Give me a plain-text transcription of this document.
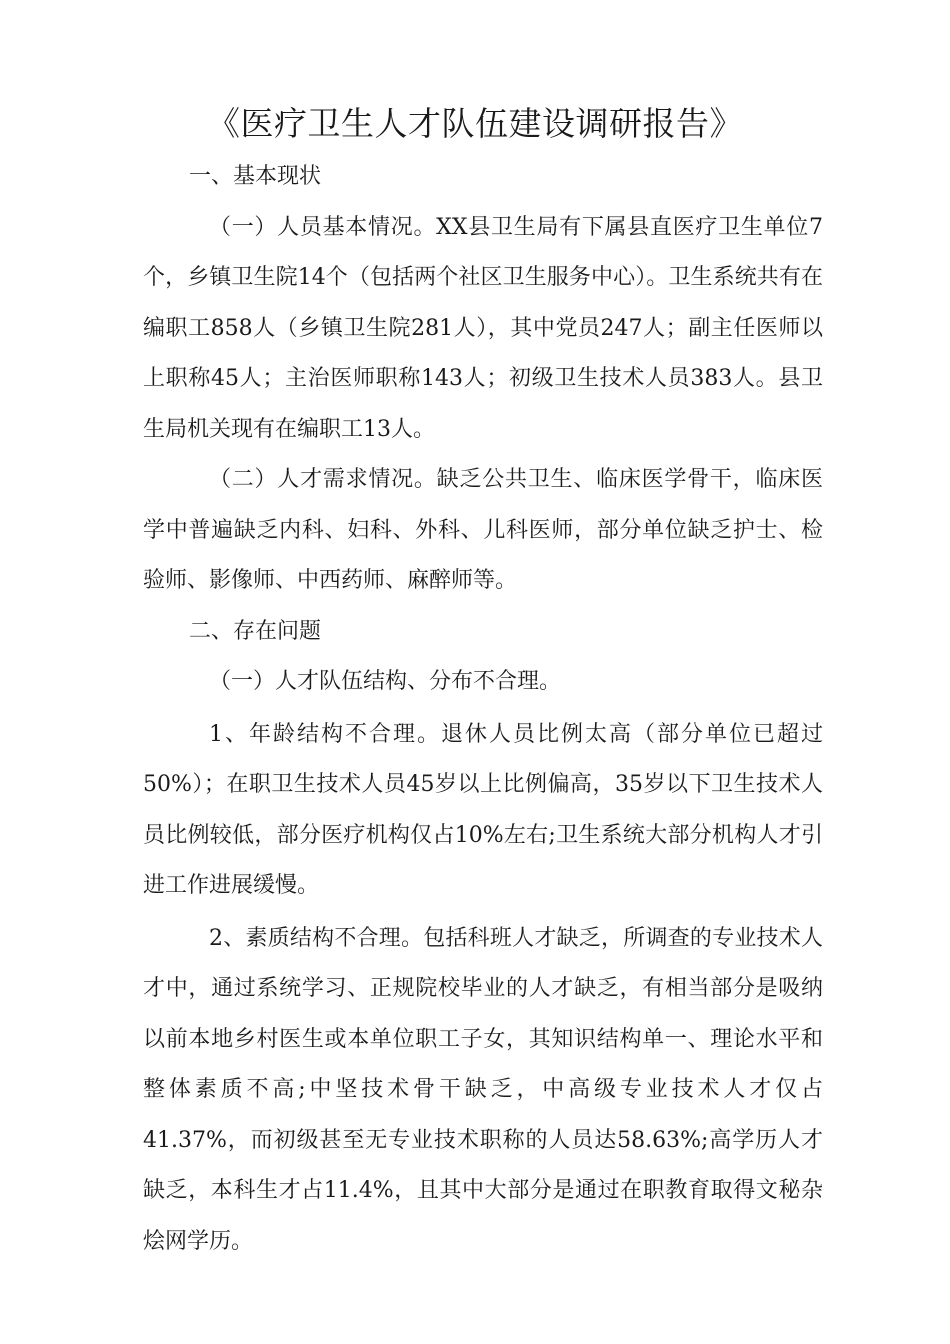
《医疗卫生人才队伍建设调研报告》

一、基本现状

（一）人员基本情况。XX县卫生局有下属县直医疗卫生单位7个，乡镇卫生院14个（包括两个社区卫生服务中心）。卫生系统共有在编职工858人（乡镇卫生院281人），其中党员247人；副主任医师以上职称45人；主治医师职称143人；初级卫生技术人员383人。县卫生局机关现有在编职工13人。

（二）人才需求情况。缺乏公共卫生、临床医学骨干，临床医学中普遍缺乏内科、妇科、外科、儿科医师，部分单位缺乏护士、检验师、影像师、中西药师、麻醉师等。

二、存在问题

（一）人才队伍结构、分布不合理。

1、年龄结构不合理。退休人员比例太高（部分单位已超过50%）；在职卫生技术人员45岁以上比例偏高，35岁以下卫生技术人员比例较低，部分医疗机构仅占10%左右;卫生系统大部分机构人才引进工作进展缓慢。

2、素质结构不合理。包括科班人才缺乏，所调查的专业技术人才中，通过系统学习、正规院校毕业的人才缺乏，有相当部分是吸纳以前本地乡村医生或本单位职工子女，其知识结构单一、理论水平和整体素质不高;中坚技术骨干缺乏，中高级专业技术人才仅占41.37%，而初级甚至无专业技术职称的人员达58.63%;高学历人才缺乏，本科生才占11.4%，且其中大部分是通过在职教育取得文秘杂烩网学历。
